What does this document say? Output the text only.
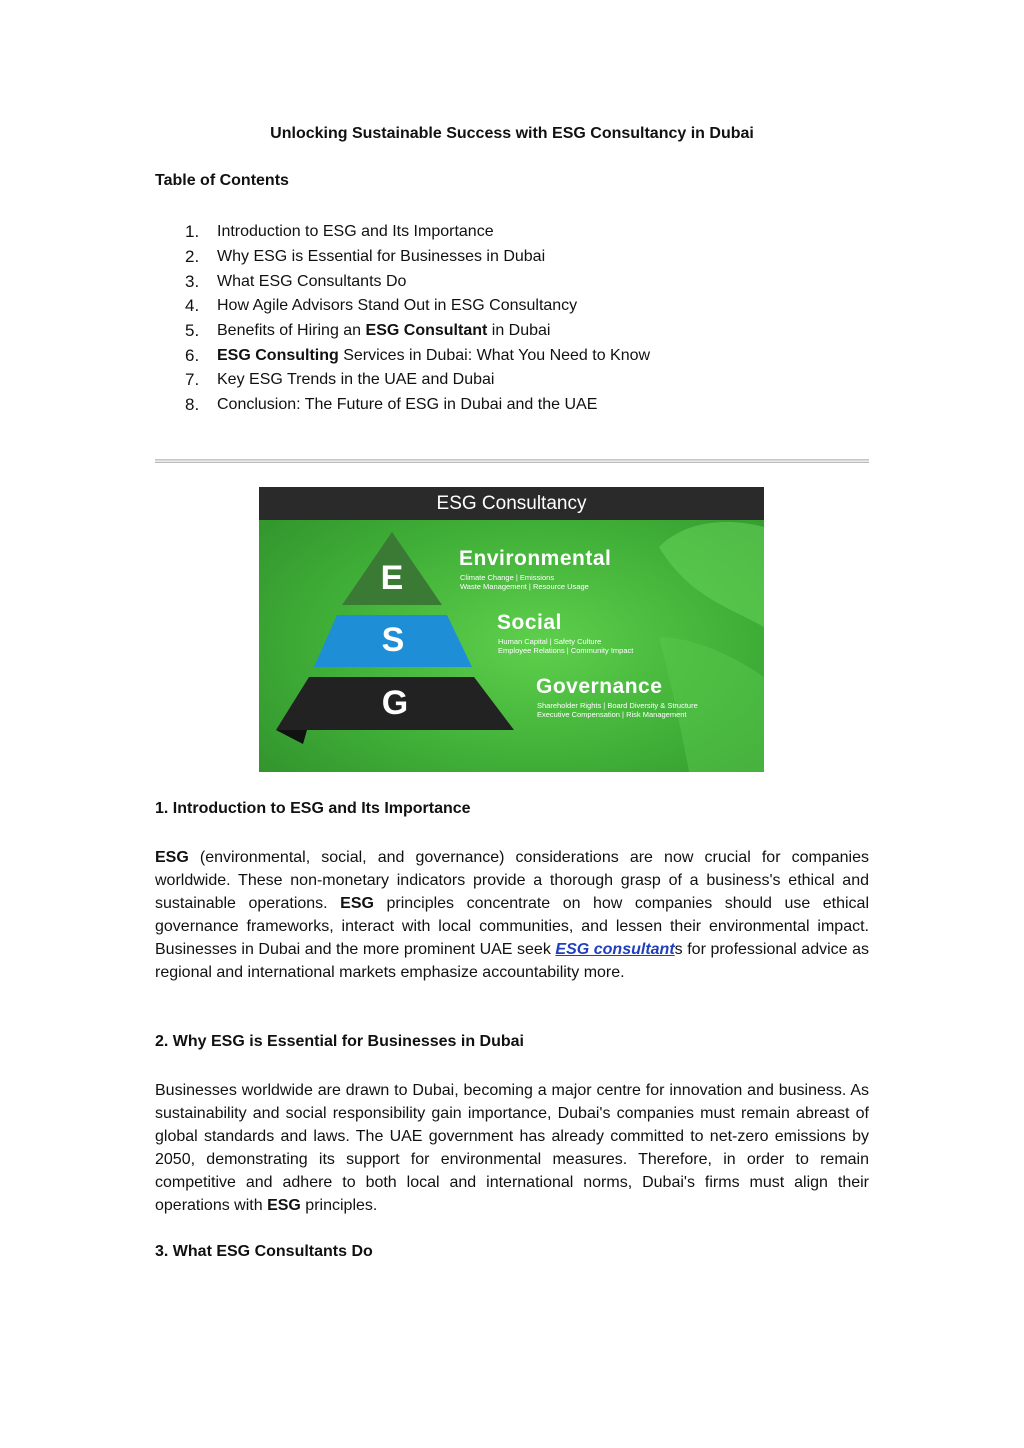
Unlocking Sustainable Success with ESG Consultancy in Dubai
Table of Contents
1.	Introduction to ESG and Its Importance
2.	Why ESG is Essential for Businesses in Dubai
3.	What ESG Consultants Do
4.	How Agile Advisors Stand Out in ESG Consultancy
5.	Benefits of Hiring an ESG Consultant in Dubai
6.	ESG Consulting Services in Dubai: What You Need to Know
7.	Key ESG Trends in the UAE and Dubai
8.	Conclusion: The Future of ESG in Dubai and the UAE
ESG Consultancy
E
S
G
Environmental
Climate Change | Emissions
Waste Management | Resource Usage
Social
Human Capital | Safety Culture
Employee Relations | Community Impact
Governance
Shareholder Rights | Board Diversity & Structure
Executive Compensation | Risk Management
1. Introduction to ESG and Its Importance
ESG (environmental, social, and governance) considerations are now crucial for companies worldwide. These non-monetary indicators provide a thorough grasp of a business's ethical and sustainable operations. ESG principles concentrate on how companies should use ethical governance frameworks, interact with local communities, and lessen their environmental impact. Businesses in Dubai and the more prominent UAE seek ESG consultants for professional advice as regional and international markets emphasize accountability more.
2. Why ESG is Essential for Businesses in Dubai
Businesses worldwide are drawn to Dubai, becoming a major centre for innovation and business. As sustainability and social responsibility gain importance, Dubai's companies must remain abreast of global standards and laws. The UAE government has already committed to net-zero emissions by 2050, demonstrating its support for environmental measures. Therefore, in order to remain competitive and adhere to both local and international norms, Dubai's firms must align their operations with ESG principles.
3. What ESG Consultants Do
